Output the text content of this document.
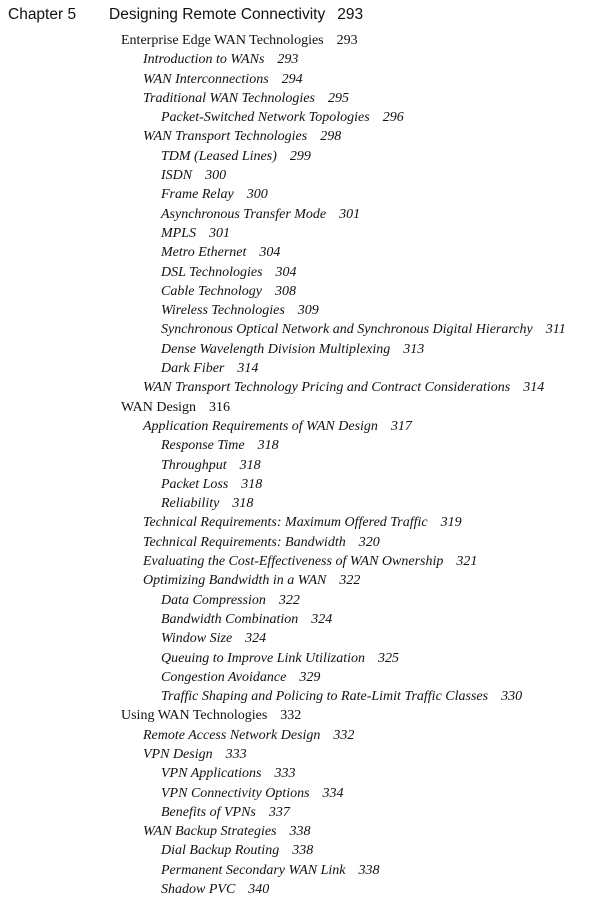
Chapter 5 Designing Remote Connectivity 293
Enterprise Edge WAN Technologies 293
Introduction to WANs 293
WAN Interconnections 294
Traditional WAN Technologies 295
Packet-Switched Network Topologies 296
WAN Transport Technologies 298
TDM (Leased Lines) 299
ISDN 300
Frame Relay 300
Asynchronous Transfer Mode 301
MPLS 301
Metro Ethernet 304
DSL Technologies 304
Cable Technology 308
Wireless Technologies 309
Synchronous Optical Network and Synchronous Digital Hierarchy 311
Dense Wavelength Division Multiplexing 313
Dark Fiber 314
WAN Transport Technology Pricing and Contract Considerations 314
WAN Design 316
Application Requirements of WAN Design 317
Response Time 318
Throughput 318
Packet Loss 318
Reliability 318
Technical Requirements: Maximum Offered Traffic 319
Technical Requirements: Bandwidth 320
Evaluating the Cost-Effectiveness of WAN Ownership 321
Optimizing Bandwidth in a WAN 322
Data Compression 322
Bandwidth Combination 324
Window Size 324
Queuing to Improve Link Utilization 325
Congestion Avoidance 329
Traffic Shaping and Policing to Rate-Limit Traffic Classes 330
Using WAN Technologies 332
Remote Access Network Design 332
VPN Design 333
VPN Applications 333
VPN Connectivity Options 334
Benefits of VPNs 337
WAN Backup Strategies 338
Dial Backup Routing 338
Permanent Secondary WAN Link 338
Shadow PVC 340
